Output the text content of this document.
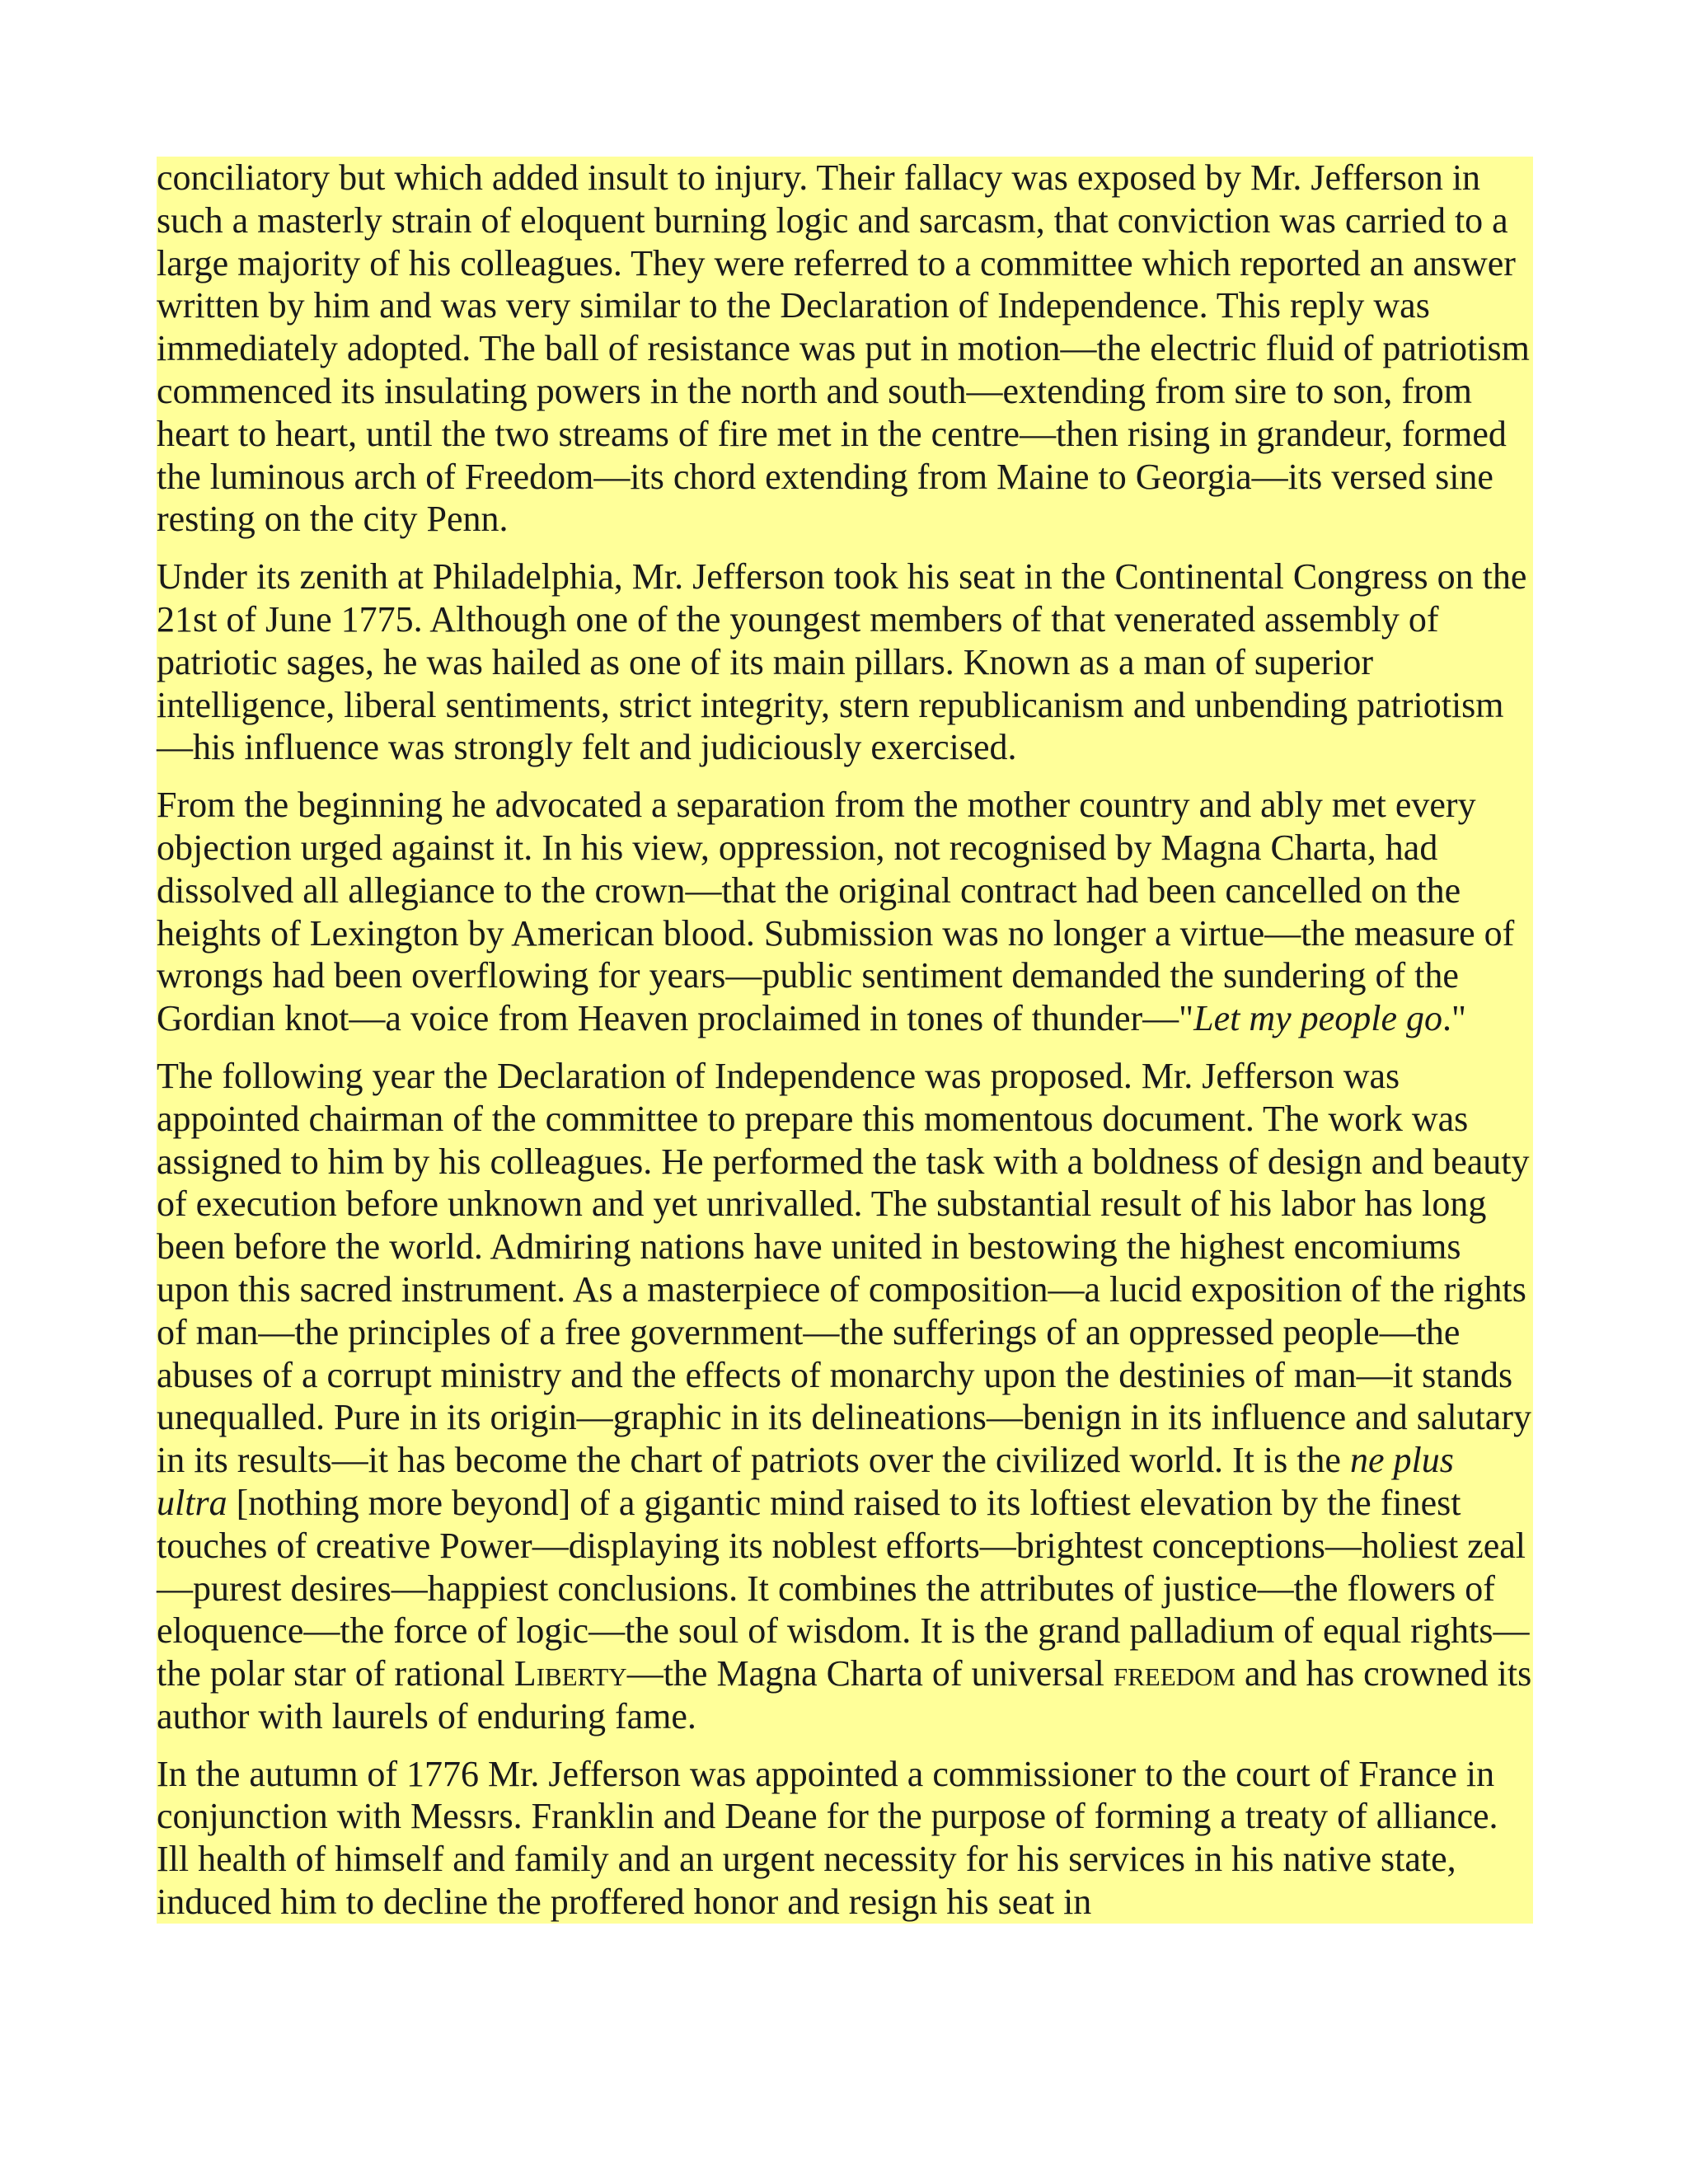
conciliatory but which added insult to injury. Their fallacy was exposed by Mr. Jefferson in such a masterly strain of eloquent burning logic and sarcasm, that conviction was carried to a large majority of his colleagues. They were referred to a committee which reported an answer written by him and was very similar to the Declaration of Independence. This reply was immediately adopted. The ball of resistance was put in motion—the electric fluid of patriotism commenced its insulating powers in the north and south—extending from sire to son, from heart to heart, until the two streams of fire met in the centre—then rising in grandeur, formed the luminous arch of Freedom—its chord extending from Maine to Georgia—its versed sine resting on the city Penn.

Under its zenith at Philadelphia, Mr. Jefferson took his seat in the Continental Congress on the 21st of June 1775. Although one of the youngest members of that venerated assembly of patriotic sages, he was hailed as one of its main pillars. Known as a man of superior intelligence, liberal sentiments, strict integrity, stern republicanism and unbending patriotism—his influence was strongly felt and judiciously exercised.

From the beginning he advocated a separation from the mother country and ably met every objection urged against it. In his view, oppression, not recognised by Magna Charta, had dissolved all allegiance to the crown—that the original contract had been cancelled on the heights of Lexington by American blood. Submission was no longer a virtue—the measure of wrongs had been overflowing for years—public sentiment demanded the sundering of the Gordian knot—a voice from Heaven proclaimed in tones of thunder—"Let my people go."

The following year the Declaration of Independence was proposed. Mr. Jefferson was appointed chairman of the committee to prepare this momentous document. The work was assigned to him by his colleagues. He performed the task with a boldness of design and beauty of execution before unknown and yet unrivalled. The substantial result of his labor has long been before the world. Admiring nations have united in bestowing the highest encomiums upon this sacred instrument. As a masterpiece of composition—a lucid exposition of the rights of man—the principles of a free government—the sufferings of an oppressed people—the abuses of a corrupt ministry and the effects of monarchy upon the destinies of man—it stands unequalled. Pure in its origin—graphic in its delineations—benign in its influence and salutary in its results—it has become the chart of patriots over the civilized world. It is the ne plus ultra [nothing more beyond] of a gigantic mind raised to its loftiest elevation by the finest touches of creative Power—displaying its noblest efforts—brightest conceptions—holiest zeal—purest desires—happiest conclusions. It combines the attributes of justice—the flowers of eloquence—the force of logic—the soul of wisdom. It is the grand palladium of equal rights—the polar star of rational Liberty—the Magna Charta of universal freedom and has crowned its author with laurels of enduring fame.

In the autumn of 1776 Mr. Jefferson was appointed a commissioner to the court of France in conjunction with Messrs. Franklin and Deane for the purpose of forming a treaty of alliance. Ill health of himself and family and an urgent necessity for his services in his native state, induced him to decline the proffered honor and resign his seat in
